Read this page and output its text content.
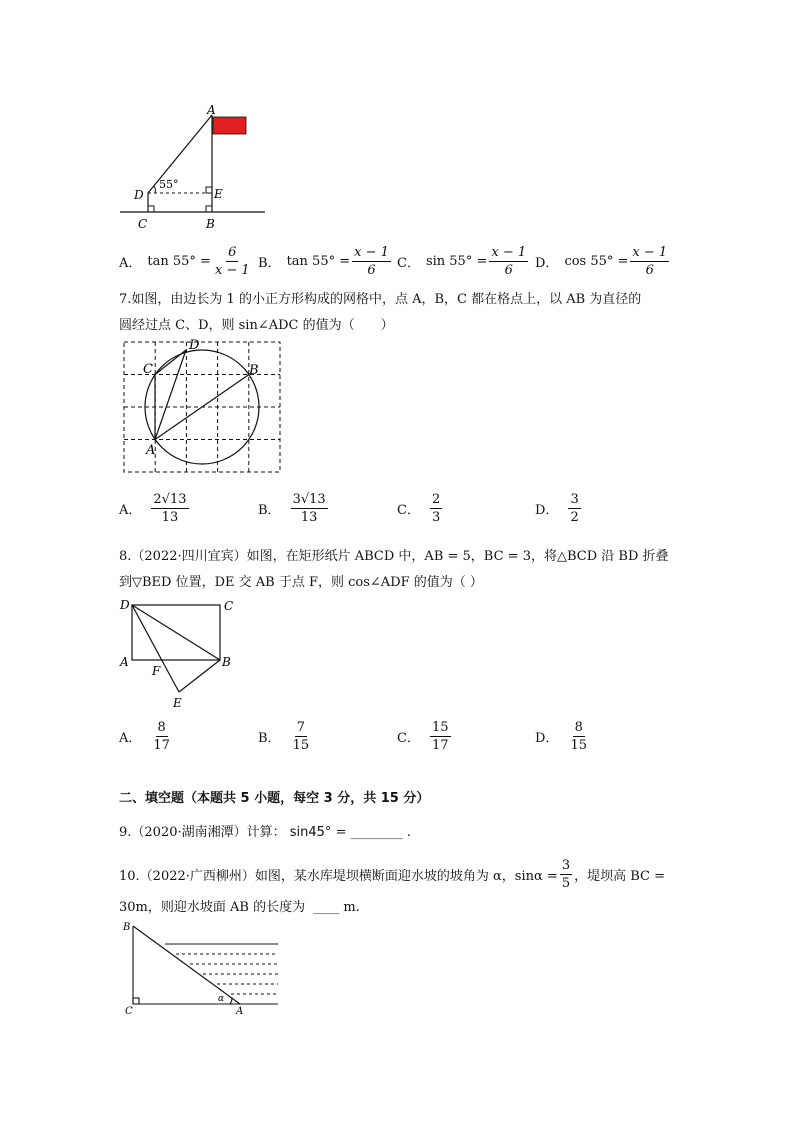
A
D	E
C	B
55°
A． $\tan 55^\circ = \frac{6}{x - 1}$ B． $\tan 55^\circ = \frac{x - 1}{6}$ C． $\sin 55^\circ = \frac{x - 1}{6}$ D． $\cos 55^\circ = \frac{x - 1}{6}$
7.如图，由边长为 1 的小正方形构成的网格中，点 A，B，C 都在格点上，以 AB 为直径的
圆经过点 C、D，则 sin∠ADC 的值为（　　）
C
D
B
A
A． $\frac{2√13}{13}$	B． $\frac{3√13}{13}$	C． $\frac{2}{3}$	D． $\frac{3}{2}$
8.（2022·四川宜宾）如图，在矩形纸片 ABCD 中，AB = 5，BC = 3，将△BCD 沿 BD 折叠
到▽BED 位置，DE 交 AB 于点 F，则 cos∠ADF 的值为（ ）
D	C
A
F
B
E
A． $\frac{8}{17}$	B． $\frac{7}{15}$	C． $\frac{15}{17}$	D． $\frac{8}{15}$
二、填空题（本题共 5 小题，每空 3 分，共 15 分）
9.（2020·湖南湘潭）计算： sin45° = ________ .
10.（2022·广西柳州）如图，某水库堤坝横断面迎水坡的坡角为 α，$\sin\alpha = \frac{3}{5}$ ，堤坝高 BC =
30m，则迎水坡面 AB 的长度为 ____ m.
B
C	A
α
